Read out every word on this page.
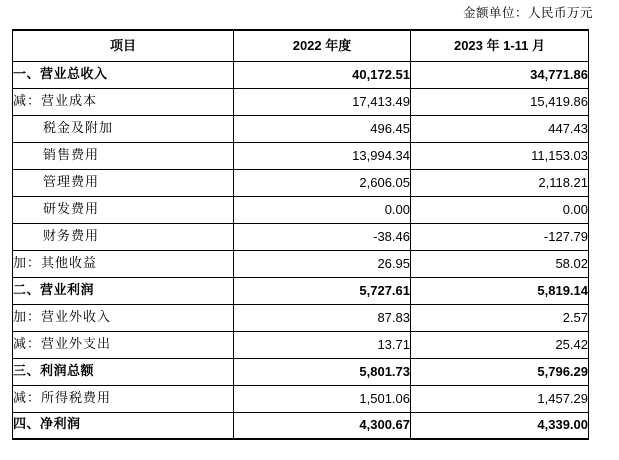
金额单位：人民币万元
项目	2022 年度	2023 年 1-11 月
一、营业总收入	40,172.51	34,771.86
减：营业成本	17,413.49	15,419.86
税金及附加	496.45	447.43
销售费用	13,994.34	11,153.03
管理费用	2,606.05	2,118.21
研发费用	0.00	0.00
财务费用	-38.46	-127.79
加：其他收益	26.95	58.02
二、营业利润	5,727.61	5,819.14
加：营业外收入	87.83	2.57
减：营业外支出	13.71	25.42
三、利润总额	5,801.73	5,796.29
减：所得税费用	1,501.06	1,457.29
四、净利润	4,300.67	4,339.00
